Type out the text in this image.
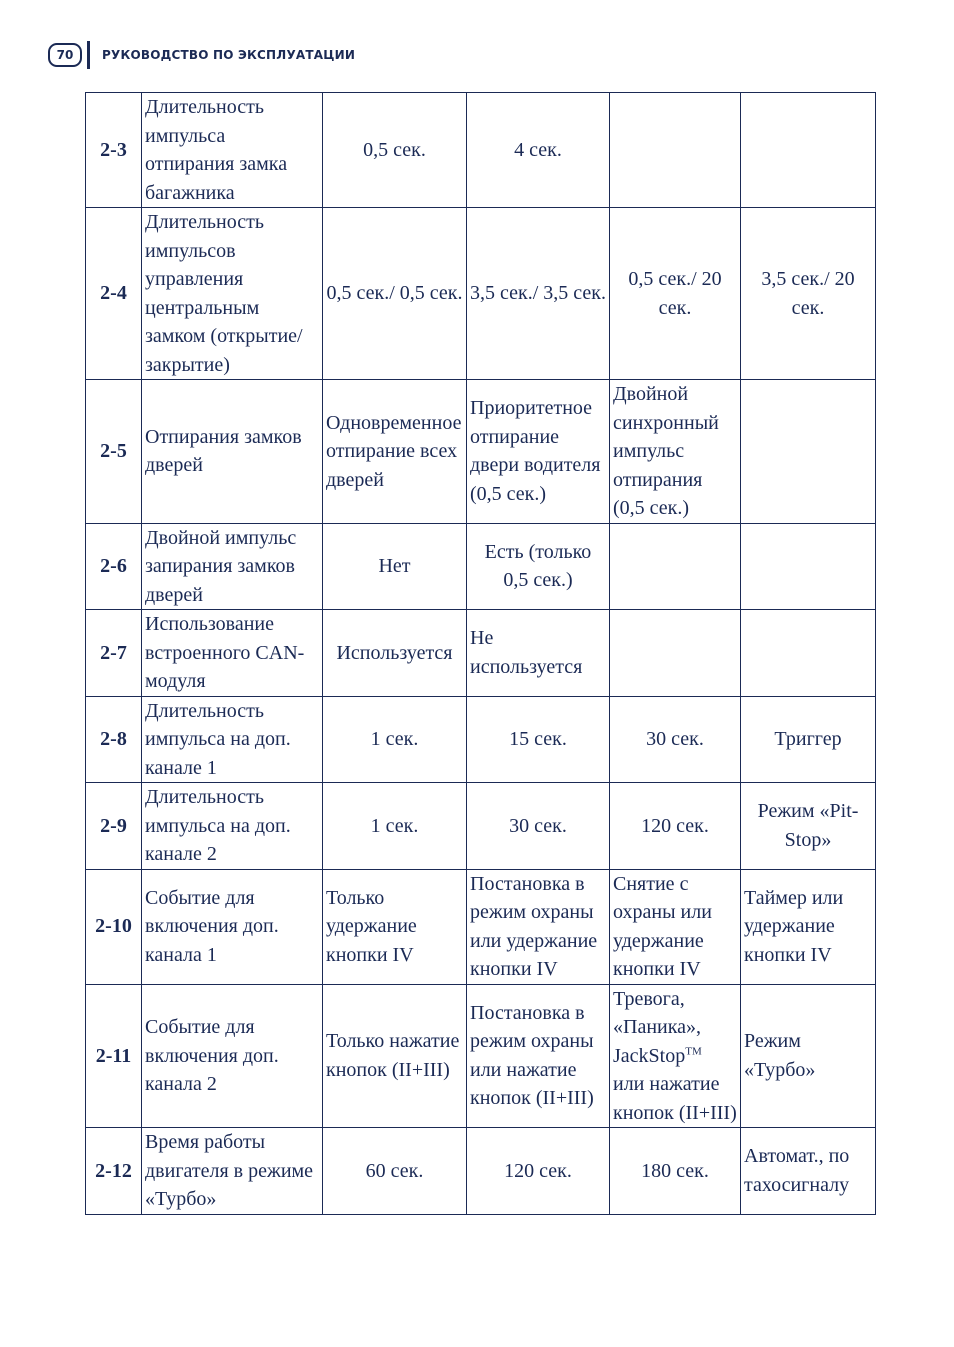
70	РУКОВОДСТВО ПО ЭКСПЛУАТАЦИИ
2-3	Длительность импульса отпирания замка багажника	0,5 сек.	4 сек.		
2-4	Длительность импульсов управления центральным замком (открытие/закрытие)	0,5 сек./ 0,5 сек.	3,5 сек./ 3,5 сек.	0,5 сек./ 20 сек.	3,5 сек./ 20 сек.
2-5	Отпирания замков дверей	Одновременное отпирание всех дверей	Приоритетное отпирание двери водителя (0,5 сек.)	Двойной синхронный импульс отпирания (0,5 сек.)	
2-6	Двойной импульс запирания замков дверей	Нет	Есть (только 0,5 сек.)		
2-7	Использование встроенного CAN-модуля	Используется	Не используется		
2-8	Длительность импульса на доп. канале 1	1 сек.	15 сек.	30 сек.	Триггер
2-9	Длительность импульса на доп. канале 2	1 сек.	30 сек.	120 сек.	Режим «Pit-Stop»
2-10	Событие для включения доп. канала 1	Только удержание кнопки IV	Постановка в режим охраны или удержание кнопки IV	Снятие с охраны или удержание кнопки IV	Таймер или удержание кнопки IV
2-11	Событие для включения доп. канала 2	Только нажатие кнопок (II+III)	Постановка в режим охраны или нажатие кнопок (II+III)	Тревога, «Паника», JackStop™ или нажатие кнопок (II+III)	Режим «Турбо»
2-12	Время работы двигателя в режиме «Турбо»	60 сек.	120 сек.	180 сек.	Автомат., по тахосигналу
